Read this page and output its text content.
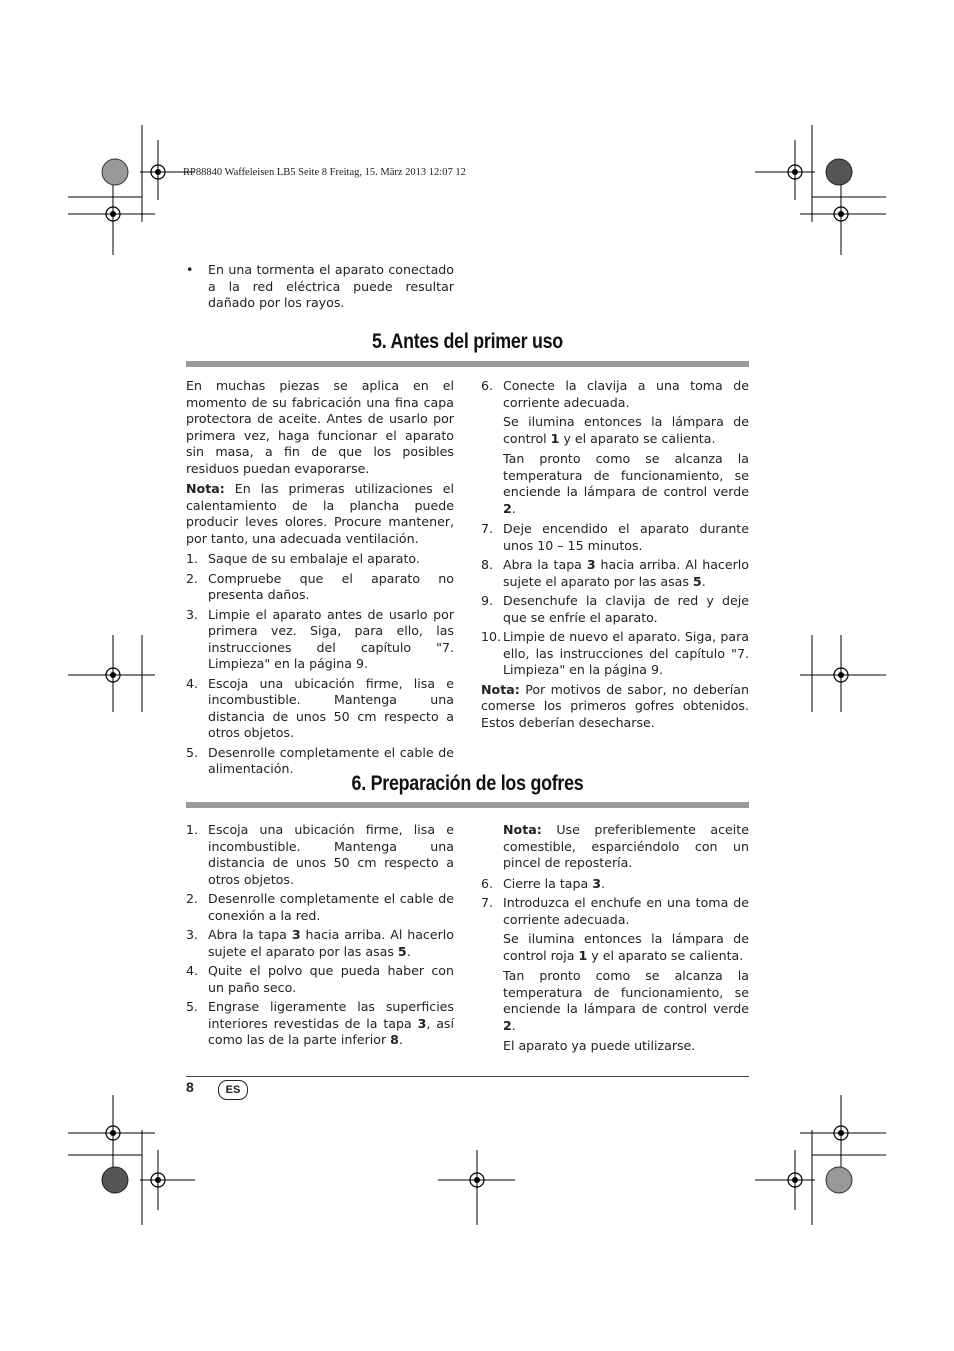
RP88840 Waffeleisen LB5 Seite 8 Freitag, 15. März 2013 12:07 12
• En una tormenta el aparato conectado a la red eléctrica puede resultar dañado por los rayos.
5. Antes del primer uso

En muchas piezas se aplica en el momento de su fabricación una fina capa protectora de aceite. Antes de usarlo por primera vez, haga funcionar el aparato sin masa, a fin de que los posibles residuos puedan evaporarse.

Nota: En las primeras utilizaciones el calentamiento de la plancha puede producir leves olores. Procure mantener, por tanto, una adecuada ventilación.

1. Saque de su embalaje el aparato.
2. Compruebe que el aparato no presenta daños.
3. Limpie el aparato antes de usarlo por primera vez. Siga, para ello, las instrucciones del capítulo "7. Limpieza" en la página 9.
4. Escoja una ubicación firme, lisa e incombustible. Mantenga una distancia de unos 50 cm respecto a otros objetos.
5. Desenrolle completamente el cable de alimentación.
6. Conecte la clavija a una toma de corriente adecuada.

Se ilumina entonces la lámpara de control 1 y el aparato se calienta.

Tan pronto como se alcanza la temperatura de funcionamiento, se enciende la lámpara de control verde 2.

7. Deje encendido el aparato durante unos 10 – 15 minutos.
8. Abra la tapa 3 hacia arriba. Al hacerlo sujete el aparato por las asas 5.
9. Desenchufe la clavija de red y deje que se enfríe el aparato.
10. Limpie de nuevo el aparato. Siga, para ello, las instrucciones del capítulo "7. Limpieza" en la página 9.

Nota: Por motivos de sabor, no deberían comerse los primeros gofres obtenidos. Estos deberían desecharse.

6. Preparación de los gofres
1. Escoja una ubicación firme, lisa e incombustible. Mantenga una distancia de unos 50 cm respecto a otros objetos.
2. Desenrolle completamente el cable de conexión a la red.
3. Abra la tapa 3 hacia arriba. Al hacerlo sujete el aparato por las asas 5.
4. Quite el polvo que pueda haber con un paño seco.
5. Engrase ligeramente las superficies interiores revestidas de la tapa 3, así como las de la parte inferior 8.

Nota: Use preferiblemente aceite comestible, esparciéndolo con un pincel de repostería.

6. Cierre la tapa 3.
7. Introduzca el enchufe en una toma de corriente adecuada.

Se ilumina entonces la lámpara de control roja 1 y el aparato se calienta.

Tan pronto como se alcanza la temperatura de funcionamiento, se enciende la lámpara de control verde 2.

El aparato ya puede utilizarse.

8	ES
